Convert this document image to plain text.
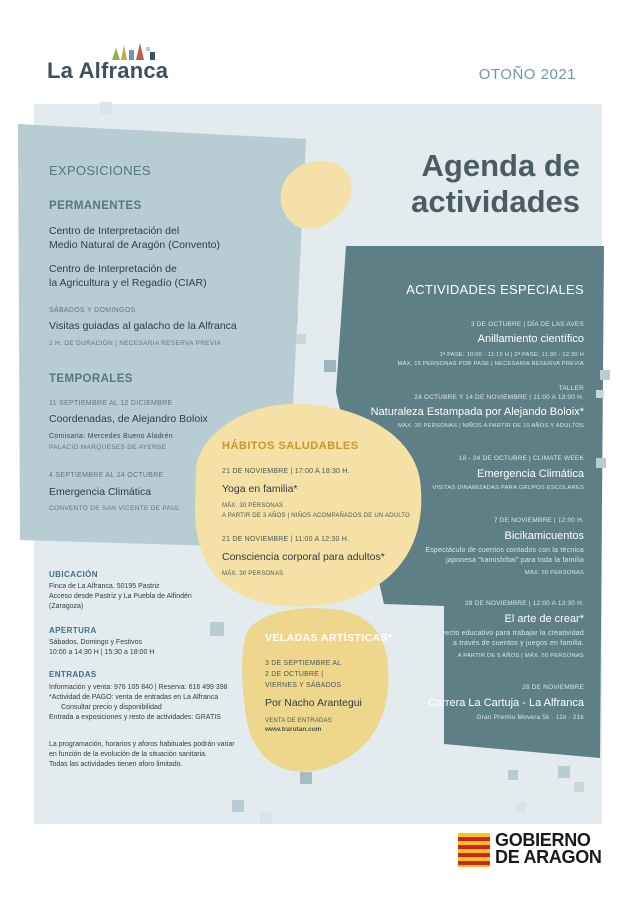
La Alfranca	OTOÑO 2021
Agenda de
actividades
EXPOSICIONES
PERMANENTES
Centro de Interpretación del
Medio Natural de Aragón (Convento)
Centro de Interpretación de
la Agricultura y el Regadío (CIAR)
SÁBADOS Y DOMINGOS
Visitas guiadas al galacho de la Alfranca
2 H. DE DURACIÓN | NECESARIA RESERVA PREVIA
TEMPORALES
11 SEPTIEMBRE AL 12 DICIEMBRE
Coordenadas, de Alejandro Boloix
Comisaria: Mercedes Bueno Aladrén
PALACIO MARQUESES DE AYERBE
4 SEPTIEMBRE AL 24 OCTUBRE
Emergencia Climática
CONVENTO DE SAN VICENTE DE PAUL
ACTIVIDADES ESPECIALES
3 DE OCTUBRE | DÍA DE LAS AVES
Anillamiento científico
1ª PASE: 10:00 - 11:15 H | 2ª PASE: 11:30 - 12:30 H
MÁX. 15 PERSONAS POR PASE | NECESARIA RESERVA PREVIA
TALLER
24 OCTUBRE Y 14 DE NOVIEMBRE | 11:00 A 13:00 H.
Naturaleza Estampada por Alejando Boloix*
MÁX. 20 PERSONAS | NIÑOS A PARTIR DE 10 AÑOS Y ADULTOS
18 - 24 DE OCTUBRE | CLIMATE WEEK
Emergencia Climática
VISITAS DINAMIZADAS PARA GRUPOS ESCOLARES
7 DE NOVIEMBRE | 12:00 H.
Bicikamicuentos
Espectáculo de cuentos contados con la técnica
japonesa "kamishibai" para toda la familia
MÁX. 50 PERSONAS
28 DE NOVIEMBRE | 12:00 A 13:30 H.
El arte de crear*
Proyecto educativo para trabajar la creatividad
a través de cuentos y juegos en familia.
A PARTIR DE 5 AÑOS | MÁX. 50 PERSONAS
28 DE NOVIEMBRE
Carrera La Cartuja - La Alfranca
Gran Premio Movera 5k · 11k · 21k
HÁBITOS SALUDABLES
21 DE NOVIEMBRE | 17:00 A 18:30 H.
Yoga en familia*
MÁX. 30 PERSONAS
A PARTIR DE 3 AÑOS | NIÑOS ACOMPAÑADOS DE UN ADULTO
21 DE NOVIEMBRE | 11:00 A 12:30 H.
Consciencia corporal para adultos*
MÁX. 30 PERSONAS
VELADAS ARTÍSTICAS*
3 DE SEPTIEMBRE AL
2 DE OCTUBRE |
VIERNES Y SÁBADOS
Por Nacho Arantegui
VENTA DE ENTRADAS
www.trarutan.com
UBICACIÓN
Finca de La Alfranca. 50195 Pastriz
Acceso desde Pastriz y La Puebla de Alfindén
(Zaragoza)
APERTURA
Sábados, Domingo y Festivos
10:00 a 14:30 H | 15:30 a 18:00 H
ENTRADAS
Información y venta: 976 105 840 | Reserva: 616 499 398
*Actividad de PAGO: venta de entradas en La Alfranca
Consultar precio y disponibilidad
Entrada a exposiciones y resto de actividades: GRATIS
La programación, horarios y aforos habituales podrán variar
en función de la evolución de la situación sanitaria.
Todas las actividades tienen aforo limitado.
GOBIERNO
DE ARAGON
